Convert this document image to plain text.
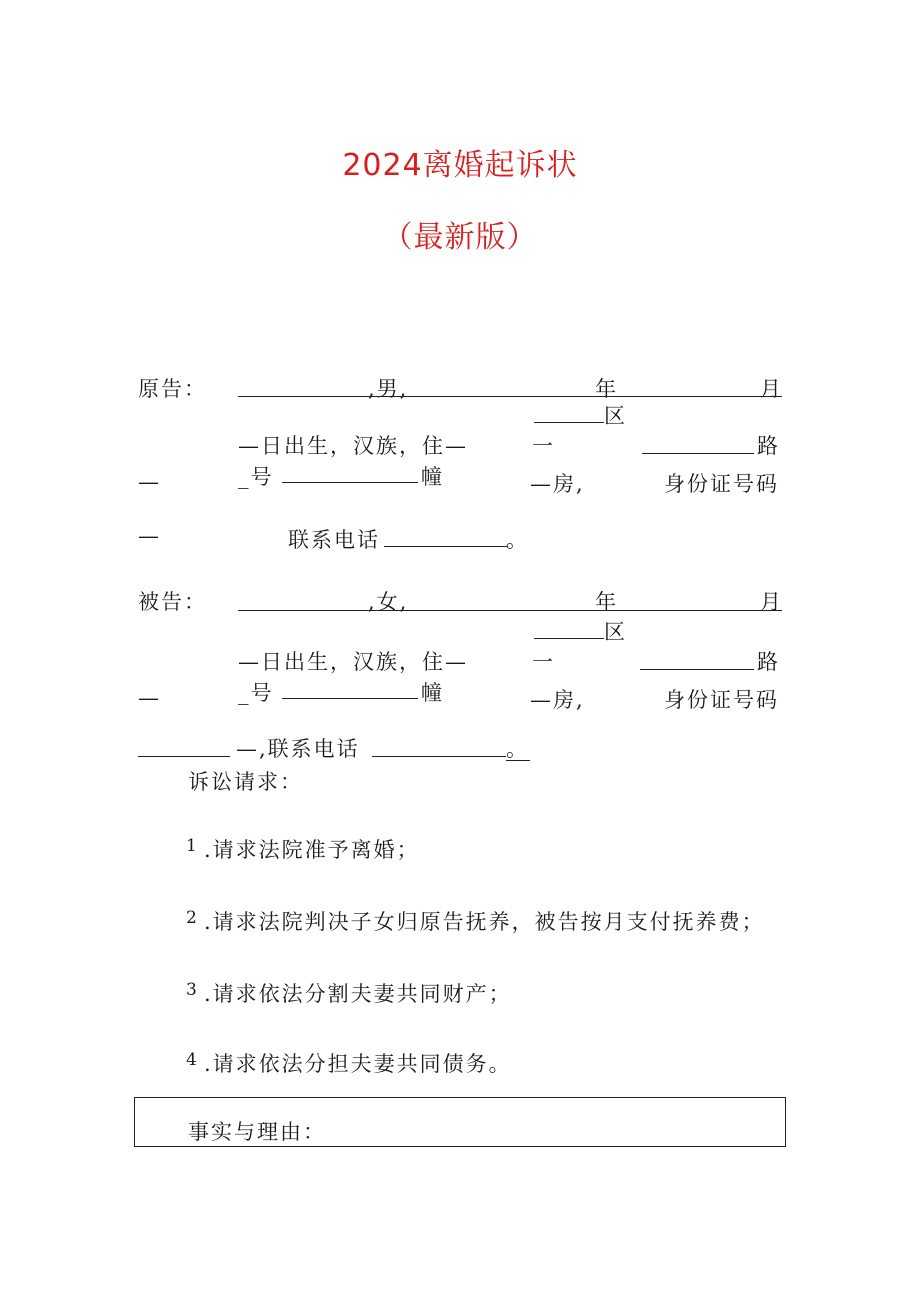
2024离婚起诉状
（最新版）
原告：	,男,	年	月
区
—日出生，汉族，住—	一	路
_号	幢
—	—房,	身份证号码
—	联系电话	。
被告：	,女,	年	月
区
—日出生，汉族，住—	一	路
_号	幢
—	—房,	身份证号码
—,联系电话	。
诉讼请求：
1 .请求法院准予离婚；
2 .请求法院判决子女归原告抚养，被告按月支付抚养费；
3 .请求依法分割夫妻共同财产；
4 .请求依法分担夫妻共同债务。
事实与理由：
